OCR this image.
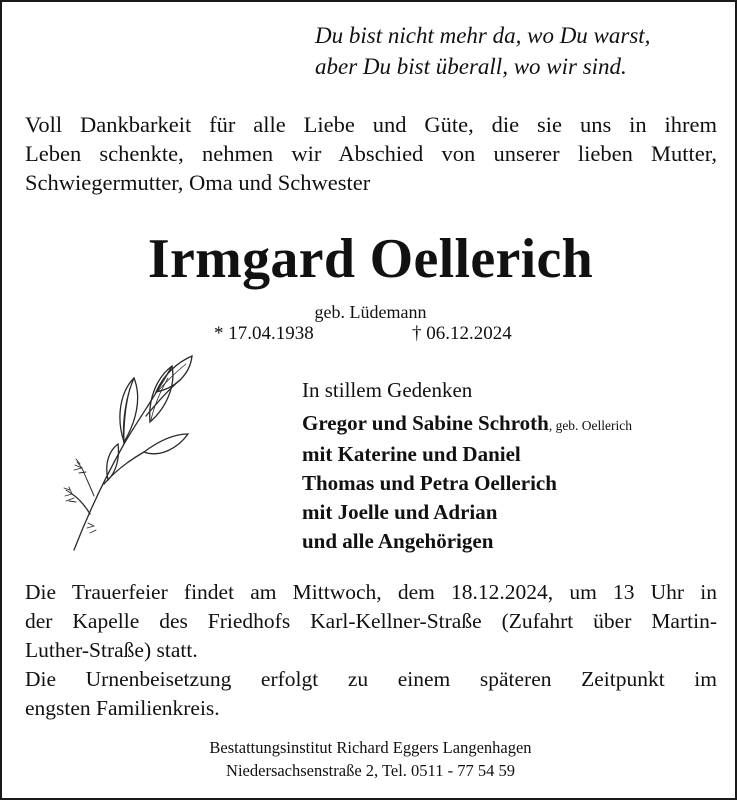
Du bist nicht mehr da, wo Du warst,
aber Du bist überall, wo wir sind.
Voll Dankbarkeit für alle Liebe und Güte, die sie uns in ihrem
Leben schenkte, nehmen wir Abschied von unserer lieben Mutter,
Schwiegermutter, Oma und Schwester
Irmgard Oellerich
geb. Lüdemann
* 17.04.1938	† 06.12.2024
In stillem Gedenken
Gregor und Sabine Schroth, geb. Oellerich
mit Katerine und Daniel
Thomas und Petra Oellerich
mit Joelle und Adrian
und alle Angehörigen
Die Trauerfeier findet am Mittwoch, dem 18.12.2024, um 13 Uhr in
der Kapelle des Friedhofs Karl-Kellner-Straße (Zufahrt über Martin-
Luther-Straße) statt.
Die Urnenbeisetzung erfolgt zu einem späteren Zeitpunkt im
engsten Familienkreis.
Bestattungsinstitut Richard Eggers Langenhagen
Niedersachsenstraße 2, Tel. 0511 - 77 54 59
